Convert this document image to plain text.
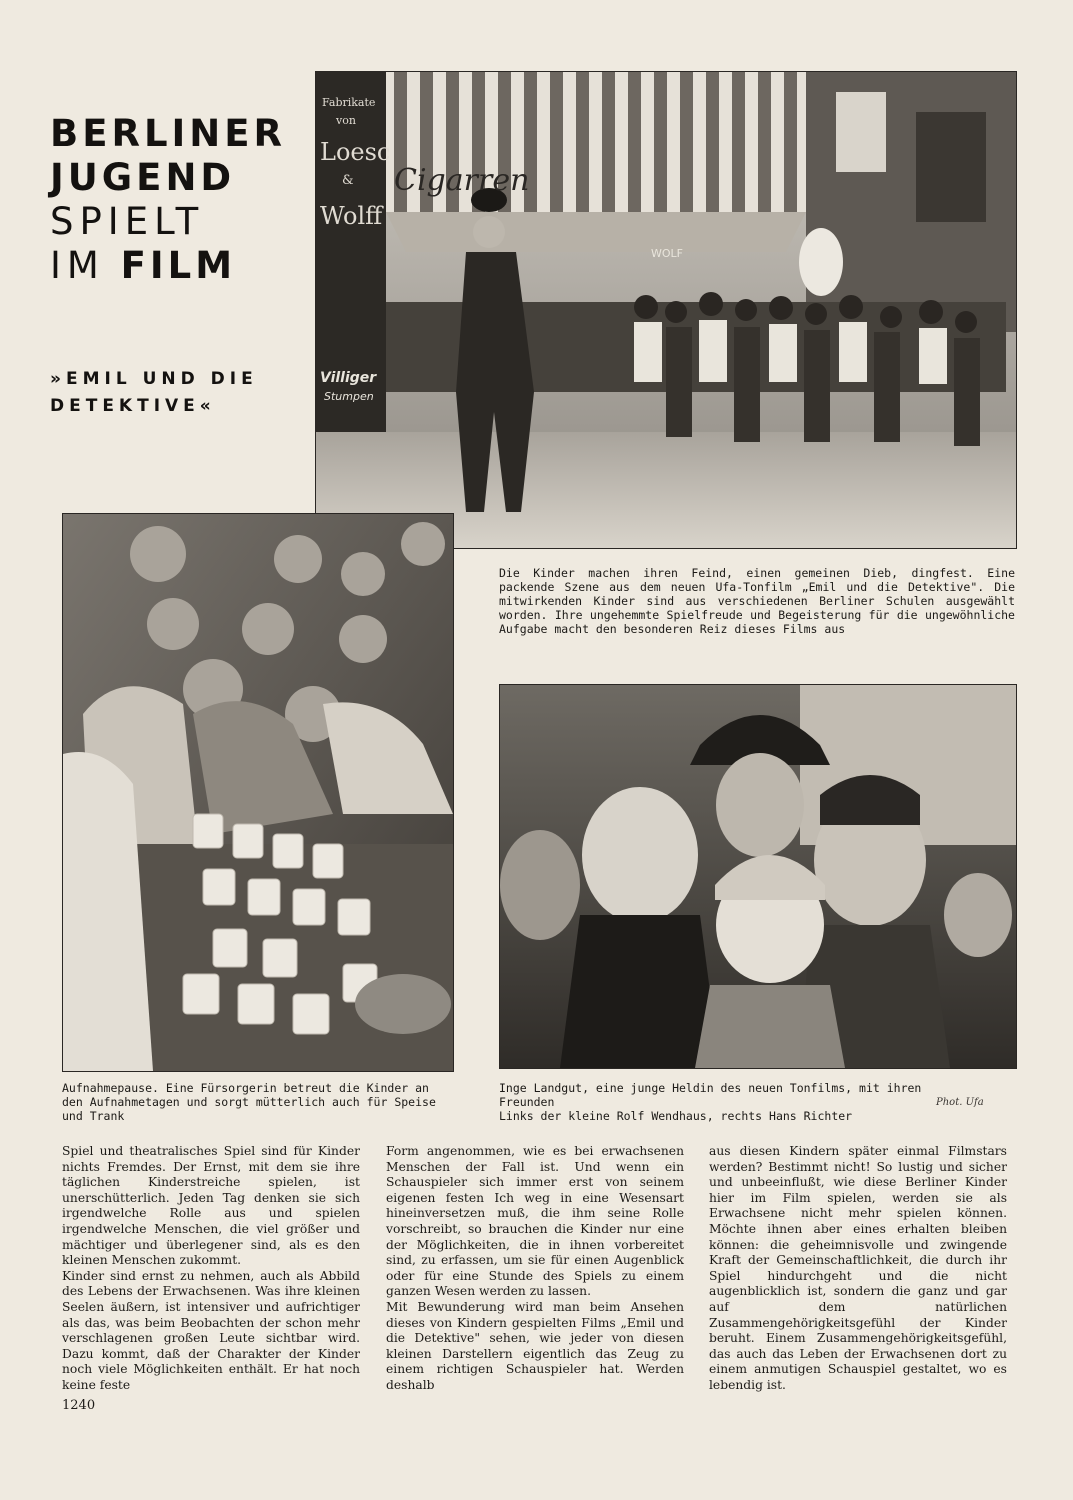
BERLINER
JUGEND
SPIELT
IM FILM
»EMIL UND DIE
DETEKTIVE«
Fabrikate
von
Loesc
&
Wolff
Cigarren
WOLF
Villiger
Stumpen
Die Kinder machen ihren Feind, einen gemeinen Dieb, dingfest. Eine packende Szene aus dem neuen Ufa-Tonfilm „Emil und die Detektive". Die mitwirkenden Kinder sind aus verschiedenen Berliner Schulen ausgewählt worden. Ihre ungehemmte Spielfreude und Begeisterung für die ungewöhnliche Aufgabe macht den besonderen Reiz dieses Films aus
Aufnahmepause. Eine Fürsorgerin betreut die Kinder an den Aufnahmetagen und sorgt mütterlich auch für Speise und Trank
Inge Landgut, eine junge Heldin des neuen Tonfilms, mit ihren Freunden
Links der kleine Rolf Wendhaus, rechts Hans Richter
Phot. Ufa

Spiel und theatralisches Spiel sind für Kinder nichts Fremdes. Der Ernst, mit dem sie ihre täglichen Kinderstreiche spielen, ist unerschütterlich. Jeden Tag denken sie sich irgendwelche Rolle aus und spielen irgendwelche Menschen, die viel größer und mächtiger und überlegener sind, als es den kleinen Menschen zukommt.

Kinder sind ernst zu nehmen, auch als Abbild des Lebens der Erwachsenen. Was ihre kleinen Seelen äußern, ist intensiver und aufrichtiger als das, was beim Beobachten der schon mehr verschlagenen großen Leute sichtbar wird. Dazu kommt, daß der Charakter der Kinder noch viele Möglichkeiten enthält. Er hat noch keine feste

Form angenommen, wie es bei erwachsenen Menschen der Fall ist. Und wenn ein Schauspieler sich immer erst von seinem eigenen festen Ich weg in eine Wesensart hineinversetzen muß, die ihm seine Rolle vorschreibt, so brauchen die Kinder nur eine der Möglichkeiten, die in ihnen vorbereitet sind, zu erfassen, um sie für einen Augenblick oder für eine Stunde des Spiels zu einem ganzen Wesen werden zu lassen.

Mit Bewunderung wird man beim Ansehen dieses von Kindern gespielten Films „Emil und die Detektive" sehen, wie jeder von diesen kleinen Darstellern eigentlich das Zeug zu einem richtigen Schauspieler hat. Werden deshalb

aus diesen Kindern später einmal Filmstars werden? Bestimmt nicht! So lustig und sicher und unbeeinflußt, wie diese Berliner Kinder hier im Film spielen, werden sie als Erwachsene nicht mehr spielen können. Möchte ihnen aber eines erhalten bleiben können: die geheimnisvolle und zwingende Kraft der Gemeinschaftlichkeit, die durch ihr Spiel hindurchgeht und die nicht augenblicklich ist, sondern die ganz und gar auf dem natürlichen Zusammengehörigkeitsgefühl der Kinder beruht. Einem Zusammengehörigkeitsgefühl, das auch das Leben der Erwachsenen dort zu einem anmutigen Schauspiel gestaltet, wo es lebendig ist.

1240
